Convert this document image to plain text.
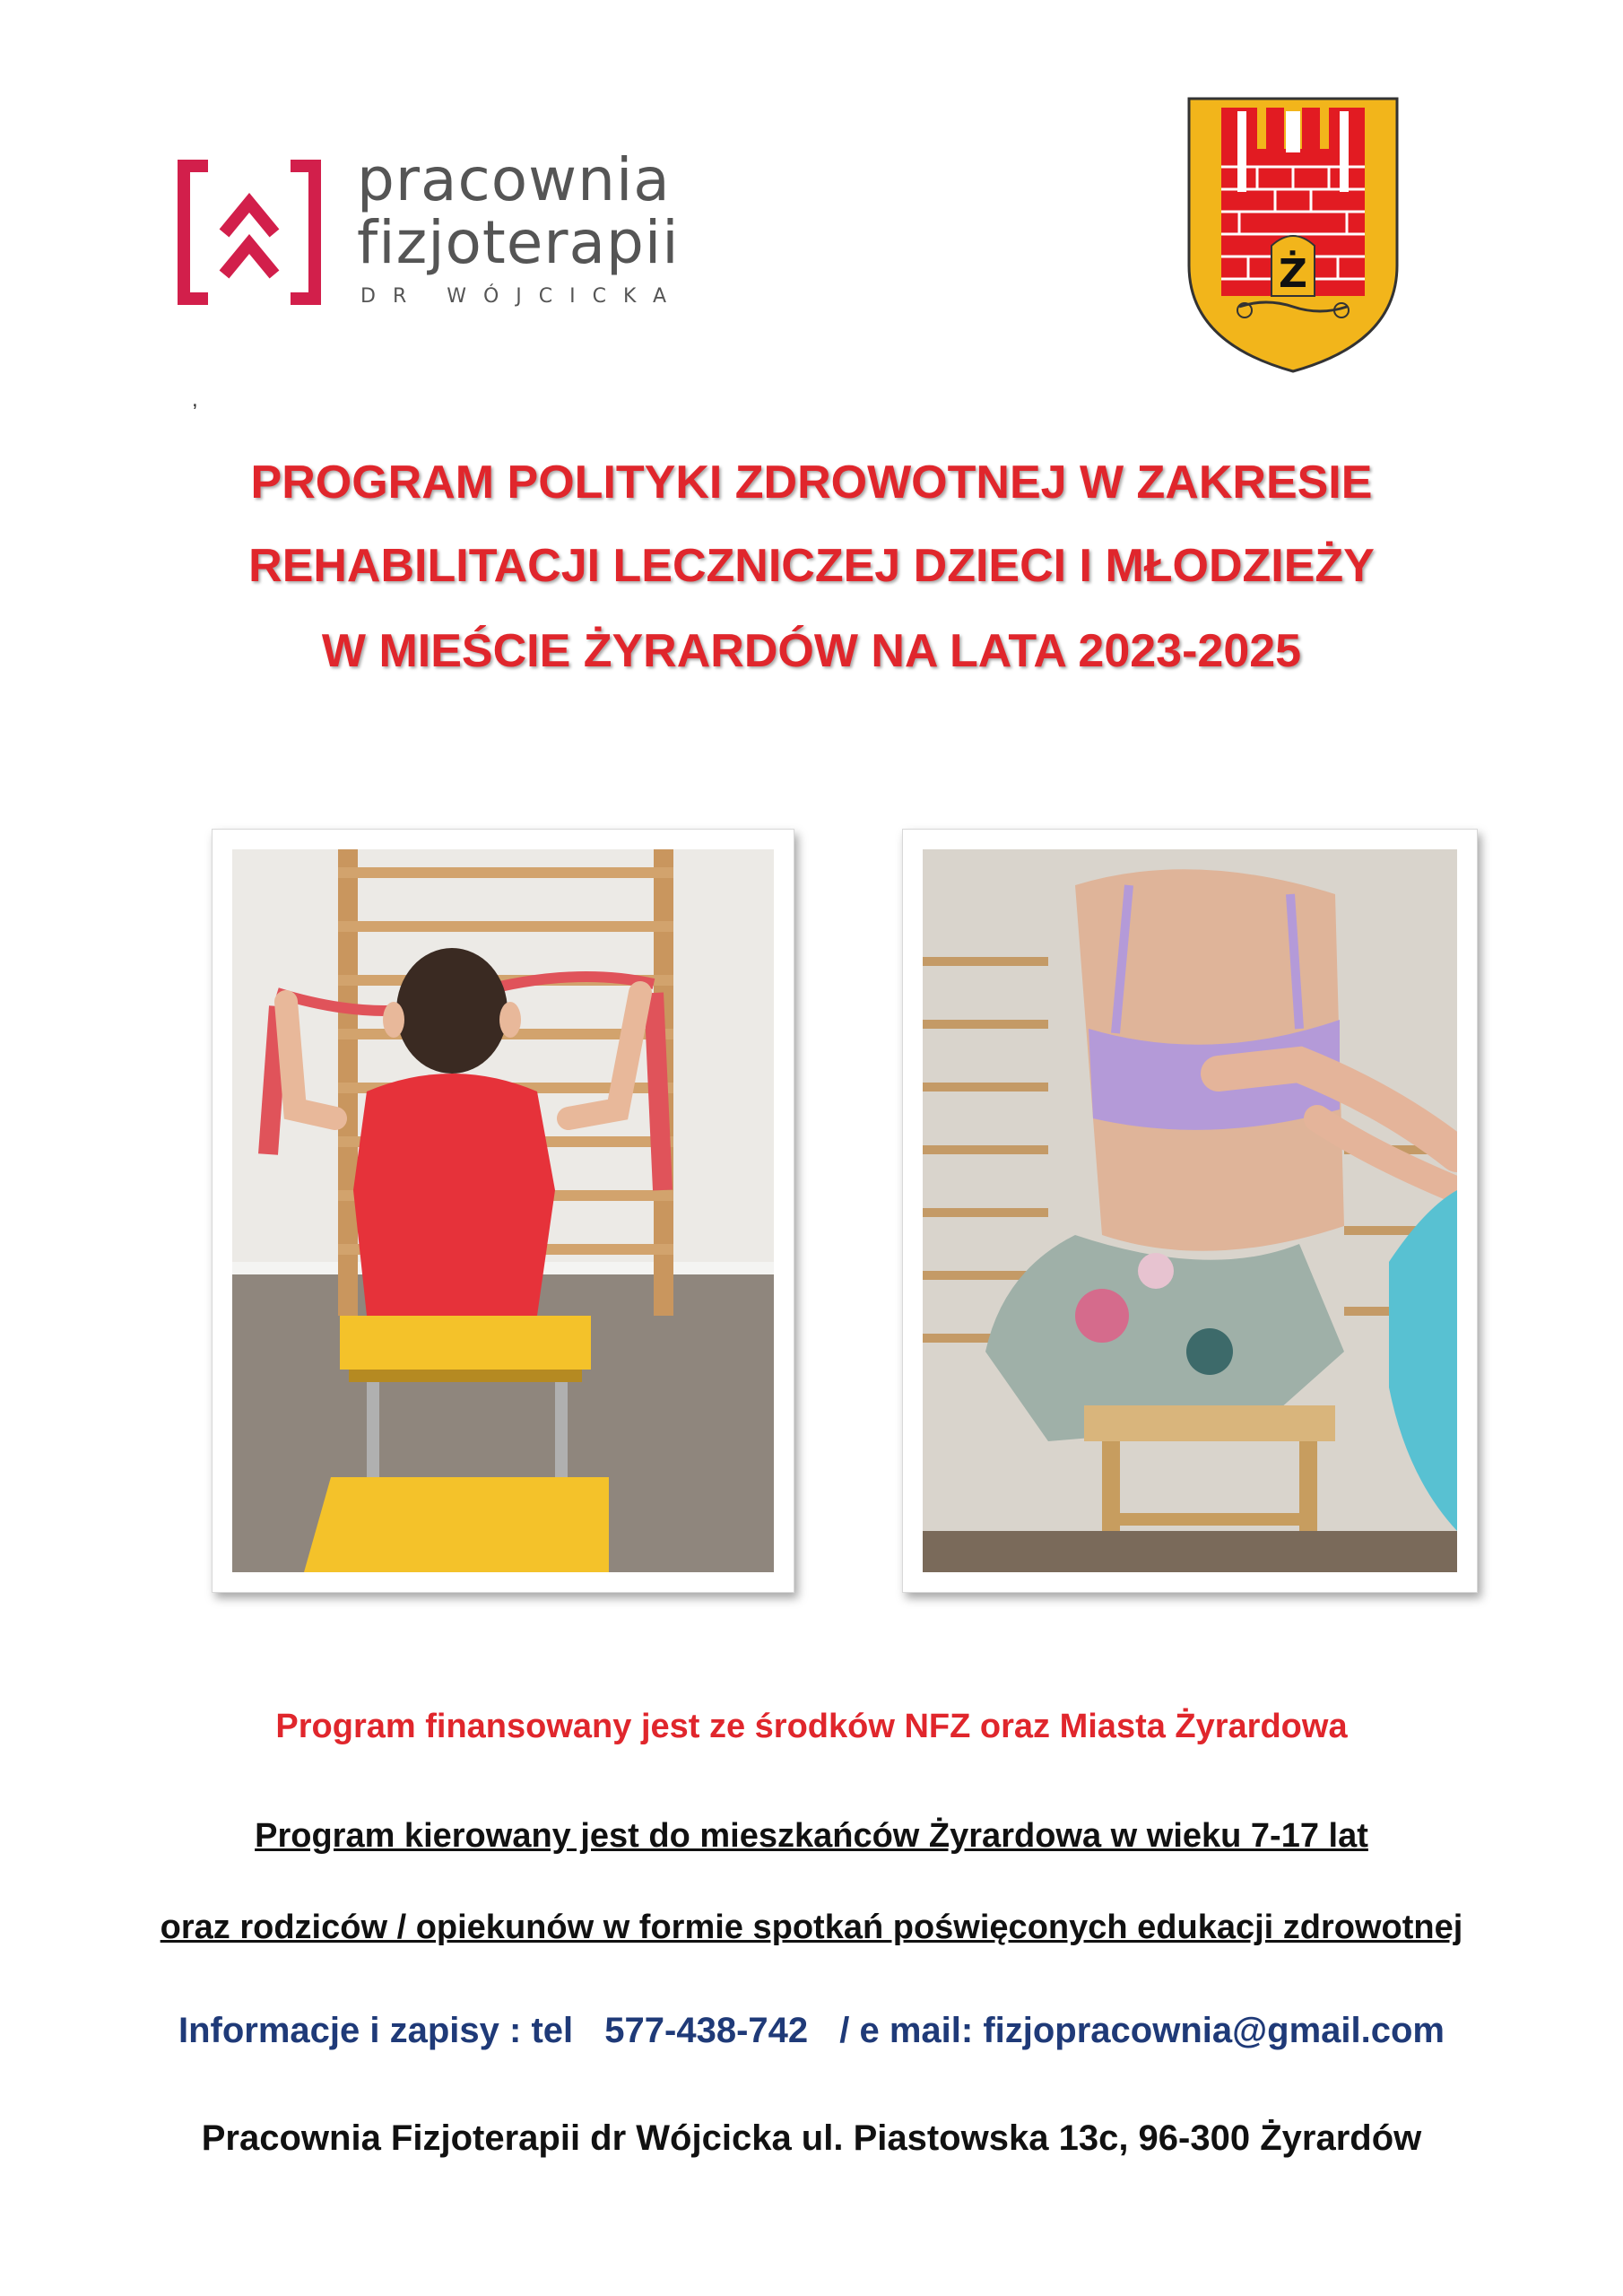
pracownia
fizjoterapii
DR WÓJCICKA	Ż
,
PROGRAM POLITYKI ZDROWOTNEJ W ZAKRESIE
REHABILITACJI LECZNICZEJ DZIECI I MŁODZIEŻY
W MIEŚCIE ŻYRARDÓW NA LATA 2023-2025
Program finansowany jest ze środków NFZ oraz Miasta Żyrardowa
Program kierowany jest do mieszkańców Żyrardowa w wieku 7-17 lat
oraz rodziców / opiekunów w formie spotkań poświęconych edukacji zdrowotnej
Informacje i zapisy : tel 577-438-742 / e mail: fizjopracownia@gmail.com
Pracownia Fizjoterapii dr Wójcicka ul. Piastowska 13c, 96-300 Żyrardów
